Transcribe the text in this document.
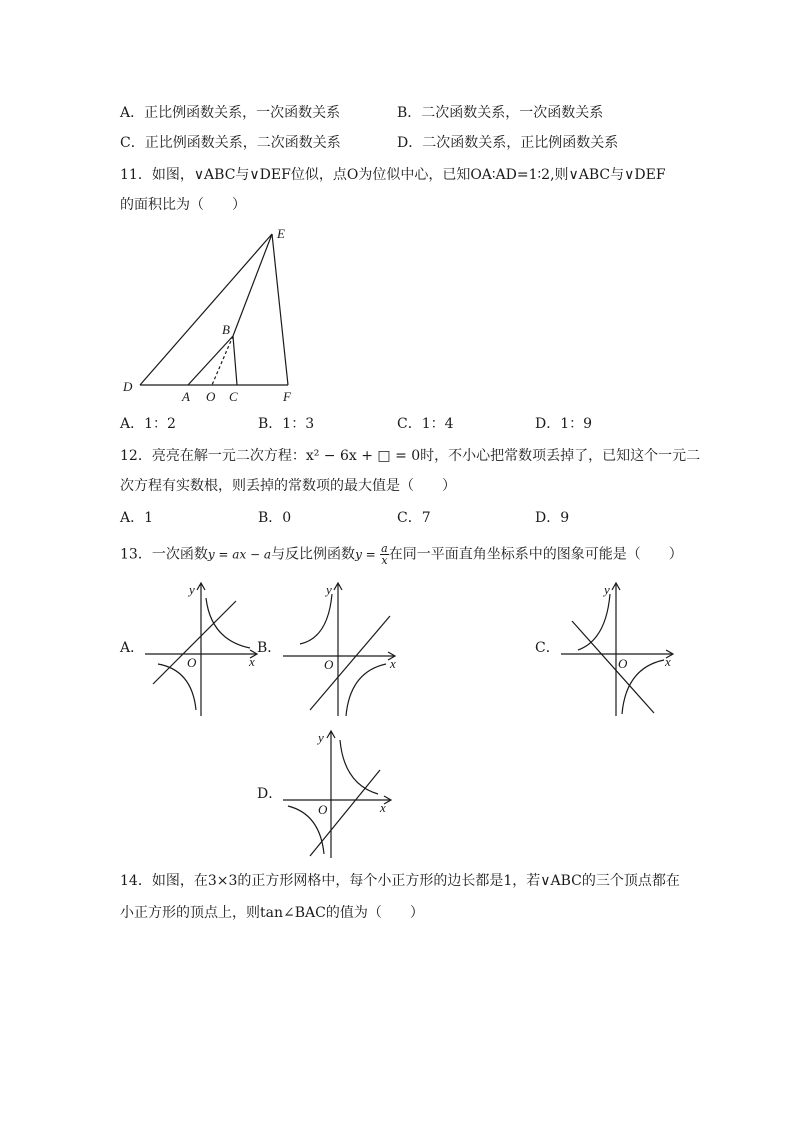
A．正比例函数关系，一次函数关系	B．二次函数关系，一次函数关系
C．正比例函数关系，二次函数关系	D．二次函数关系，正比例函数关系
11．如图，∨ABC与∨DEF位似，点O为位似中心，已知OA∶AD=1∶2,则∨ABC与∨DEF
的面积比为（　　）
E
B
D
A O C	F
A．1：2	B．1：3	C．1：4	D．1：9
12．亮亮在解一元二次方程：x² − 6x + □ = 0时，不小心把常数项丢掉了，已知这个一元二
次方程有实数根，则丢掉的常数项的最大值是（　　）
A．1	B．0	C．7	D．9
13．一次函数y = ax − a与反比例函数$y = \frac{a}{x}$ 在同一平面直角坐标系中的图象可能是（　　）
A．
y
x
O
B．
y
x
O
C．
y
x
O
D．
y
x
O
14．如图，在3×3的正方形网格中，每个小正方形的边长都是1，若∨ABC的三个顶点都在
小正方形的顶点上，则tan∠BAC的值为（　　）
